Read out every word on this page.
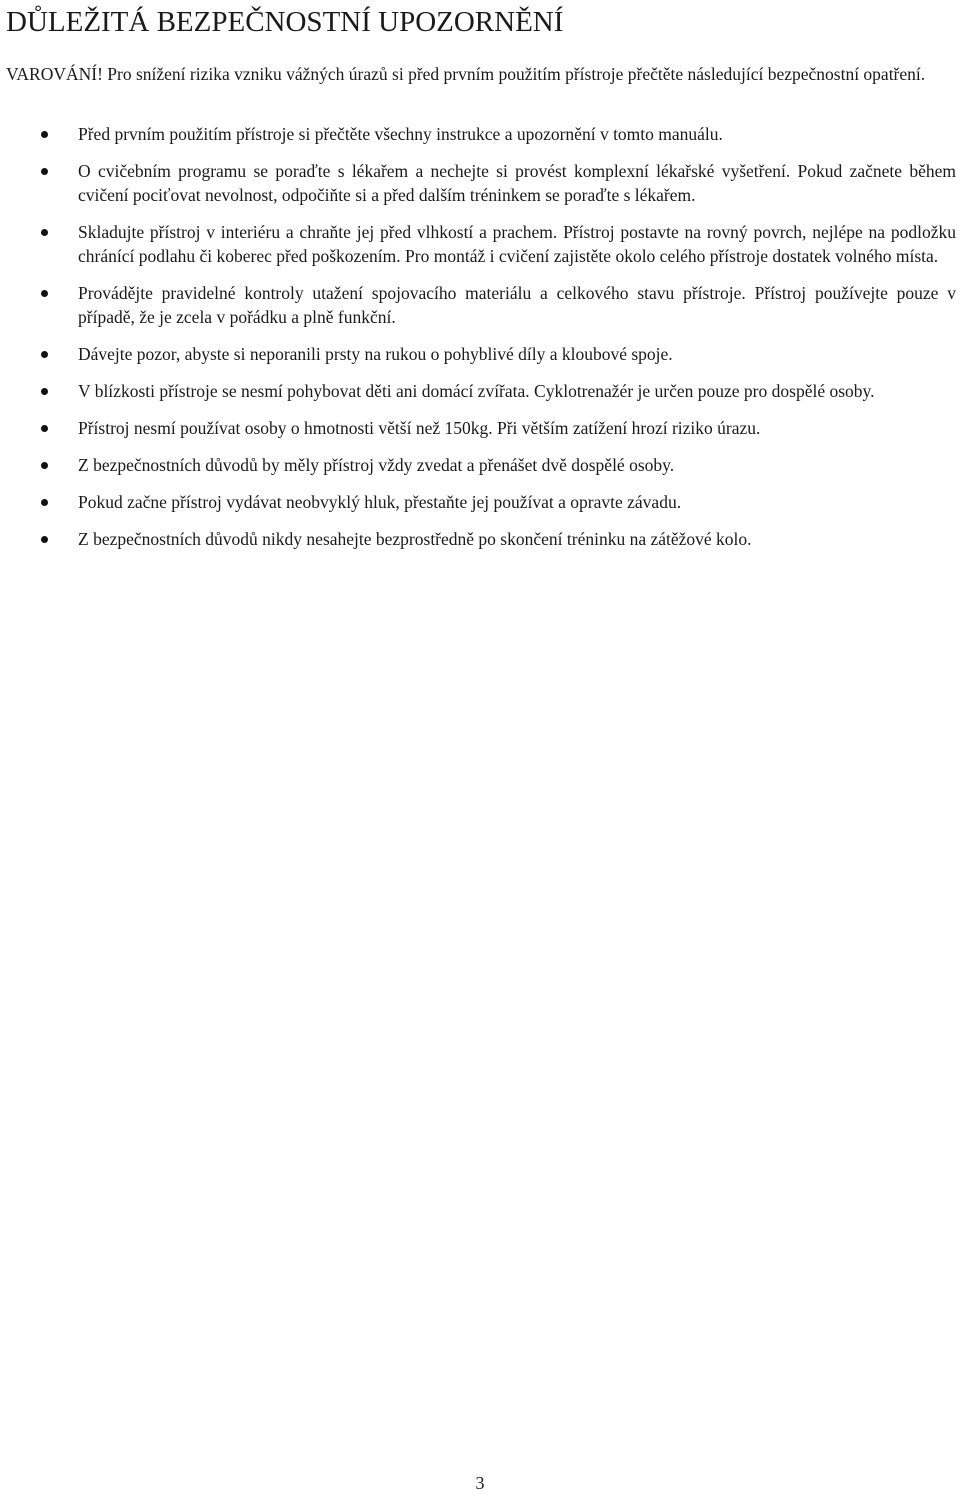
DŮLEŽITÁ BEZPEČNOSTNÍ UPOZORNĚNÍ

VAROVÁNÍ! Pro snížení rizika vzniku vážných úrazů si před prvním použitím přístroje přečtěte následující bezpečnostní opatření.

Před prvním použitím přístroje si přečtěte všechny instrukce a upozornění v tomto manuálu.
O cvičebním programu se poraďte s lékařem a nechejte si provést komplexní lékařské vyšetření. Pokud začnete během cvičení pociťovat nevolnost, odpočiňte si a před dalším tréninkem se poraďte s lékařem.
Skladujte přístroj v interiéru a chraňte jej před vlhkostí a prachem. Přístroj postavte na rovný povrch, nejlépe na podložku chránící podlahu či koberec před poškozením. Pro montáž i cvičení zajistěte okolo celého přístroje dostatek volného místa.
Provádějte pravidelné kontroly utažení spojovacího materiálu a celkového stavu přístroje. Přístroj používejte pouze v případě, že je zcela v pořádku a plně funkční.
Dávejte pozor, abyste si neporanili prsty na rukou o pohyblivé díly a kloubové spoje.
V blízkosti přístroje se nesmí pohybovat děti ani domácí zvířata. Cyklotrenažér je určen pouze pro dospělé osoby.
Přístroj nesmí používat osoby o hmotnosti větší než 150kg. Při větším zatížení hrozí riziko úrazu.
Z bezpečnostních důvodů by měly přístroj vždy zvedat a přenášet dvě dospělé osoby.
Pokud začne přístroj vydávat neobvyklý hluk, přestaňte jej používat a opravte závadu.
Z bezpečnostních důvodů nikdy nesahejte bezprostředně po skončení tréninku na zátěžové kolo.
3
